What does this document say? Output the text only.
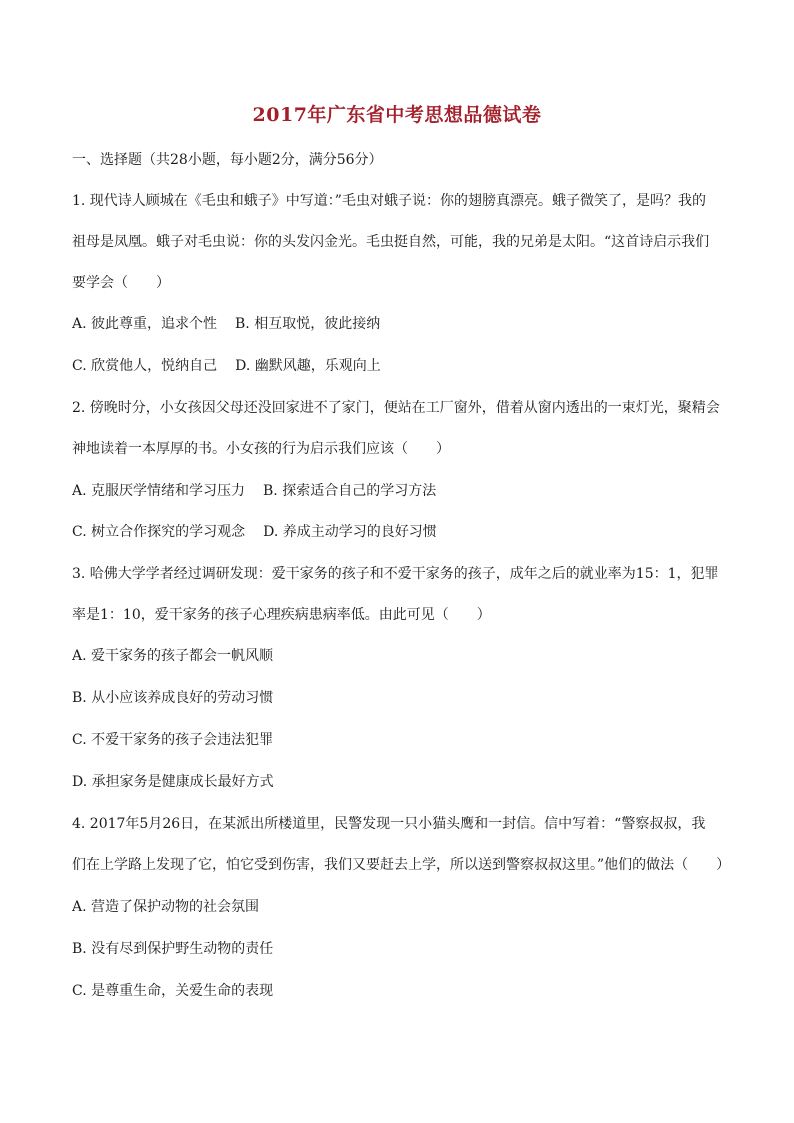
2017年广东省中考思想品德试卷
一、选择题（共28小题，每小题2分，满分56分）
1. 现代诗人顾城在《毛虫和蛾子》中写道：”毛虫对蛾子说：你的翅膀真漂亮。蛾子微笑了，是吗？我的
祖母是凤凰。蛾子对毛虫说：你的头发闪金光。毛虫挺自然，可能，我的兄弟是太阳。“这首诗启示我们
要学会（　　）
A. 彼此尊重，追求个性 B. 相互取悦，彼此接纳
C. 欣赏他人，悦纳自己 D. 幽默风趣，乐观向上
2. 傍晚时分，小女孩因父母还没回家进不了家门，便站在工厂窗外，借着从窗内透出的一束灯光，聚精会
神地读着一本厚厚的书。小女孩的行为启示我们应该（　　）
A. 克服厌学情绪和学习压力 B. 探索适合自己的学习方法
C. 树立合作探究的学习观念 D. 养成主动学习的良好习惯
3. 哈佛大学学者经过调研发现：爱干家务的孩子和不爱干家务的孩子，成年之后的就业率为15：1，犯罪
率是1：10，爱干家务的孩子心理疾病患病率低。由此可见（　　）
A. 爱干家务的孩子都会一帆风顺
B. 从小应该养成良好的劳动习惯
C. 不爱干家务的孩子会违法犯罪
D. 承担家务是健康成长最好方式
4. 2017年5月26日，在某派出所楼道里，民警发现一只小猫头鹰和一封信。信中写着：“警察叔叔，我
们在上学路上发现了它，怕它受到伤害，我们又要赶去上学，所以送到警察叔叔这里。”他们的做法（　　）
A. 营造了保护动物的社会氛围
B. 没有尽到保护野生动物的责任
C. 是尊重生命，关爱生命的表现
